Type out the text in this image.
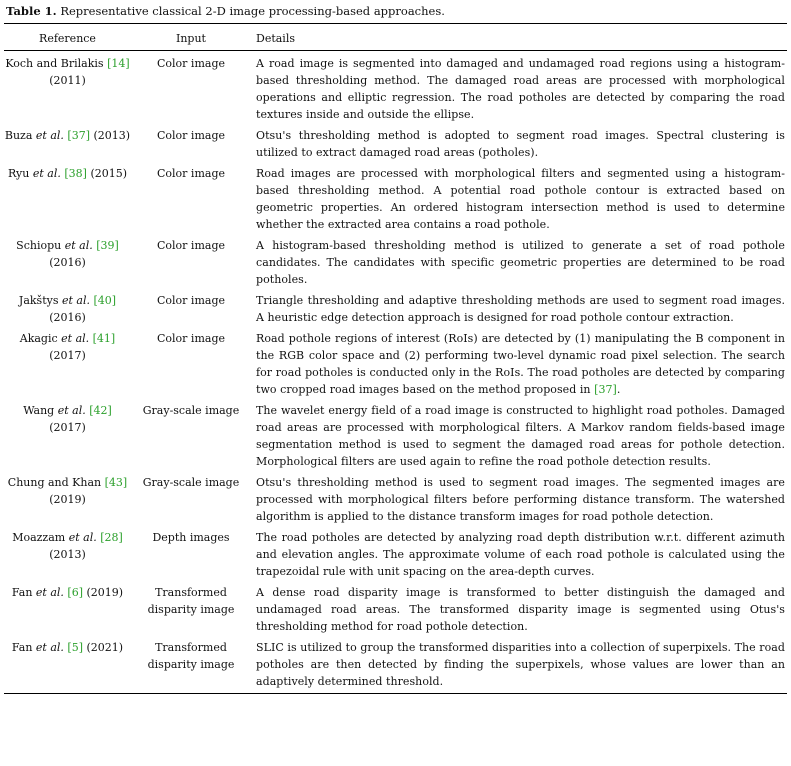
Table 1. Representative classical 2-D image processing-based approaches.
Reference	Input	Details
Koch and Brilakis [14] (2011)	Color image	A road image is segmented into damaged and undamaged road regions using a histogram-based thresholding method. The damaged road areas are processed with morphological operations and elliptic regression. The road potholes are detected by comparing the road textures inside and outside the ellipse.
Buza et al. [37] (2013)	Color image	Otsu's thresholding method is adopted to segment road images. Spectral clustering is utilized to extract damaged road areas (potholes).
Ryu et al. [38] (2015)	Color image	Road images are processed with morphological filters and segmented using a histogram-based thresholding method. A potential road pothole contour is extracted based on geometric properties. An ordered histogram intersection method is used to determine whether the extracted area contains a road pothole.
Schiopu et al. [39] (2016)	Color image	A histogram-based thresholding method is utilized to generate a set of road pothole candidates. The candidates with specific geometric properties are determined to be road potholes.
Jakštys et al. [40] (2016)	Color image	Triangle thresholding and adaptive thresholding methods are used to segment road images. A heuristic edge detection approach is designed for road pothole contour extraction.
Akagic et al. [41] (2017)	Color image	Road pothole regions of interest (RoIs) are detected by (1) manipulating the B component in the RGB color space and (2) performing two-level dynamic road pixel selection. The search for road potholes is conducted only in the RoIs. The road potholes are detected by comparing two cropped road images based on the method proposed in [37].
Wang et al. [42] (2017)	Gray-scale image	The wavelet energy field of a road image is constructed to highlight road potholes. Damaged road areas are processed with morphological filters. A Markov random fields-based image segmentation method is used to segment the damaged road areas for pothole detection. Morphological filters are used again to refine the road pothole detection results.
Chung and Khan [43] (2019)	Gray-scale image	Otsu's thresholding method is used to segment road images. The segmented images are processed with morphological filters before performing distance transform. The watershed algorithm is applied to the distance transform images for road pothole detection.
Moazzam et al. [28] (2013)	Depth images	The road potholes are detected by analyzing road depth distribution w.r.t. different azimuth and elevation angles. The approximate volume of each road pothole is calculated using the trapezoidal rule with unit spacing on the area-depth curves.
Fan et al. [6] (2019)	Transformed disparity image	A dense road disparity image is transformed to better distinguish the damaged and undamaged road areas. The transformed disparity image is segmented using Otus's thresholding method for road pothole detection.
Fan et al. [5] (2021)	Transformed disparity image	SLIC is utilized to group the transformed disparities into a collection of superpixels. The road potholes are then detected by finding the superpixels, whose values are lower than an adaptively determined threshold.
